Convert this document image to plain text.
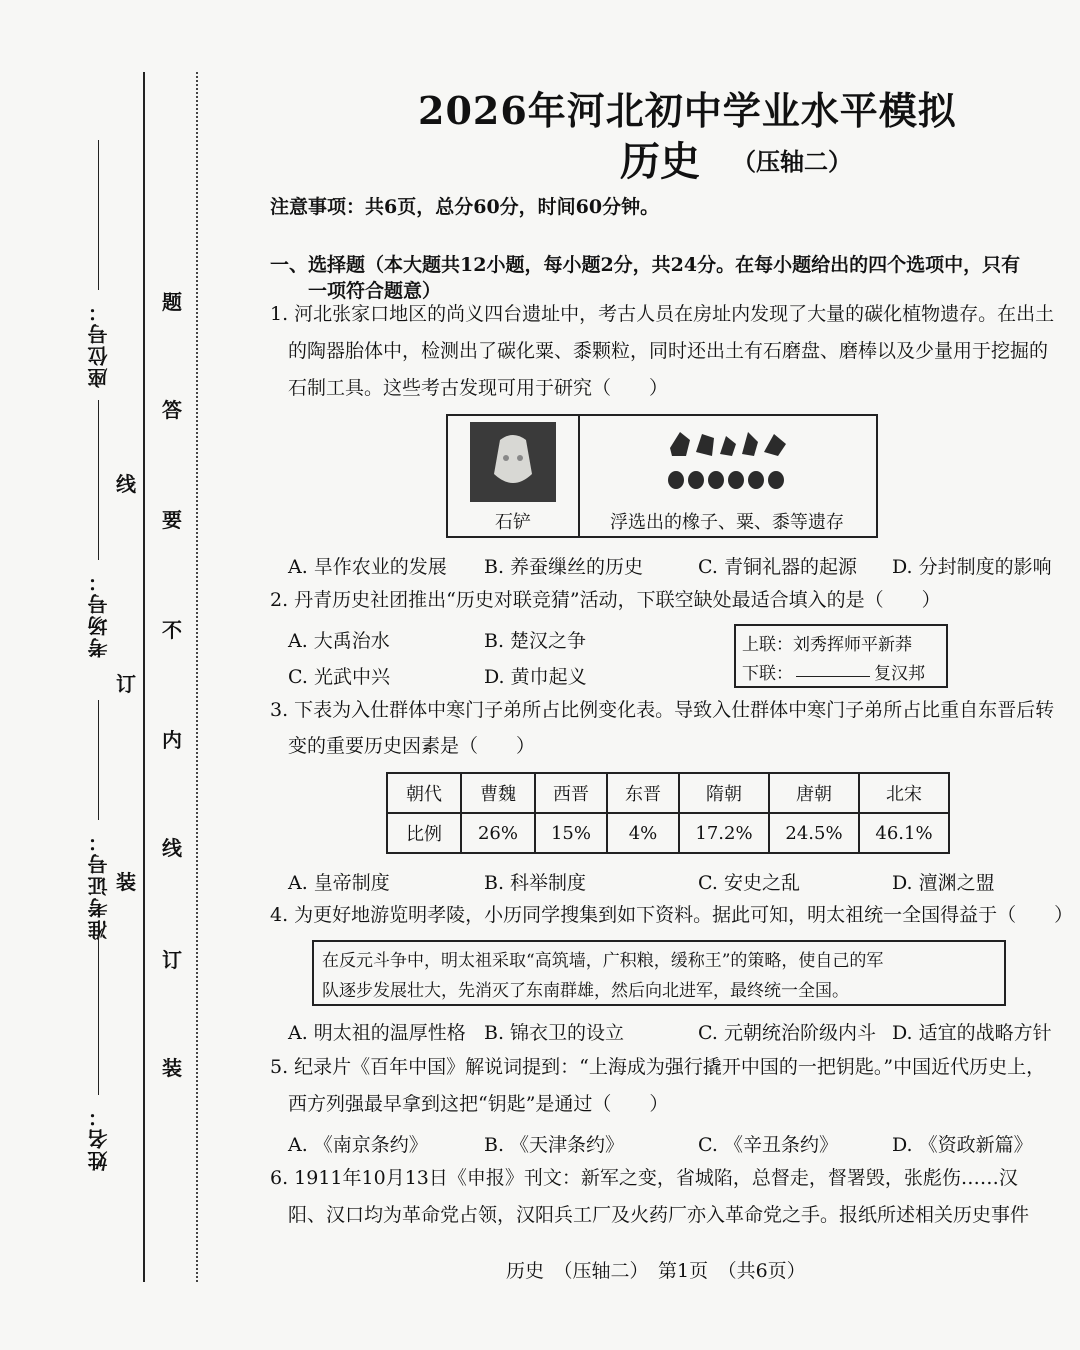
座位号：
考场号：
准考证号：
姓名：
线
订
装
题
答
要
不
内
线
订
装
2026年河北初中学业水平模拟
历史 （压轴二）
注意事项：共6页，总分60分，时间60分钟。
一、选择题（本大题共12小题，每小题2分，共24分。在每小题给出的四个选项中，只有
一项符合题意）
1. 河北张家口地区的尚义四台遗址中，考古人员在房址内发现了大量的碳化植物遗存。在出土
的陶器胎体中，检测出了碳化粟、黍颗粒，同时还出土有石磨盘、磨棒以及少量用于挖掘的
石制工具。这些考古发现可用于研究（　　）
石铲	浮选出的橡子、粟、黍等遗存
A. 旱作农业的发展 B. 养蚕缫丝的历史	C. 青铜礼器的起源 D. 分封制度的影响
2. 丹青历史社团推出“历史对联竞猜”活动，下联空缺处最适合填入的是（　　）
A. 大禹治水	B. 楚汉之争
C. 光武中兴	D. 黄巾起义
上联：刘秀挥师平新莽
下联：	复汉邦
3. 下表为入仕群体中寒门子弟所占比例变化表。导致入仕群体中寒门子弟所占比重自东晋后转
变的重要历史因素是（　　）
朝代	曹魏	西晋	东晋	隋朝	唐朝	北宋
比例	26%	15%	4%	17.2%	24.5%	46.1%
A. 皇帝制度	B. 科举制度	C. 安史之乱	D. 澶渊之盟
4. 为更好地游览明孝陵，小历同学搜集到如下资料。据此可知，明太祖统一全国得益于（　　）
在反元斗争中，明太祖采取“高筑墙，广积粮，缓称王”的策略，使自己的军
队逐步发展壮大，先消灭了东南群雄，然后向北进军，最终统一全国。
A. 明太祖的温厚性格 B. 锦衣卫的设立	C. 元朝统治阶级内斗 D. 适宜的战略方针
5. 纪录片《百年中国》解说词提到：“上海成为强行撬开中国的一把钥匙。”中国近代历史上，
西方列强最早拿到这把“钥匙”是通过（　　）
A. 《南京条约》	B. 《天津条约》	C. 《辛丑条约》	D. 《资政新篇》
6. 1911年10月13日《申报》刊文：新军之变，省城陷，总督走，督署毁，张彪伤……汉
阳、汉口均为革命党占领，汉阳兵工厂及火药厂亦入革命党之手。报纸所述相关历史事件
历史　（压轴二）　第1页　（共6页）
